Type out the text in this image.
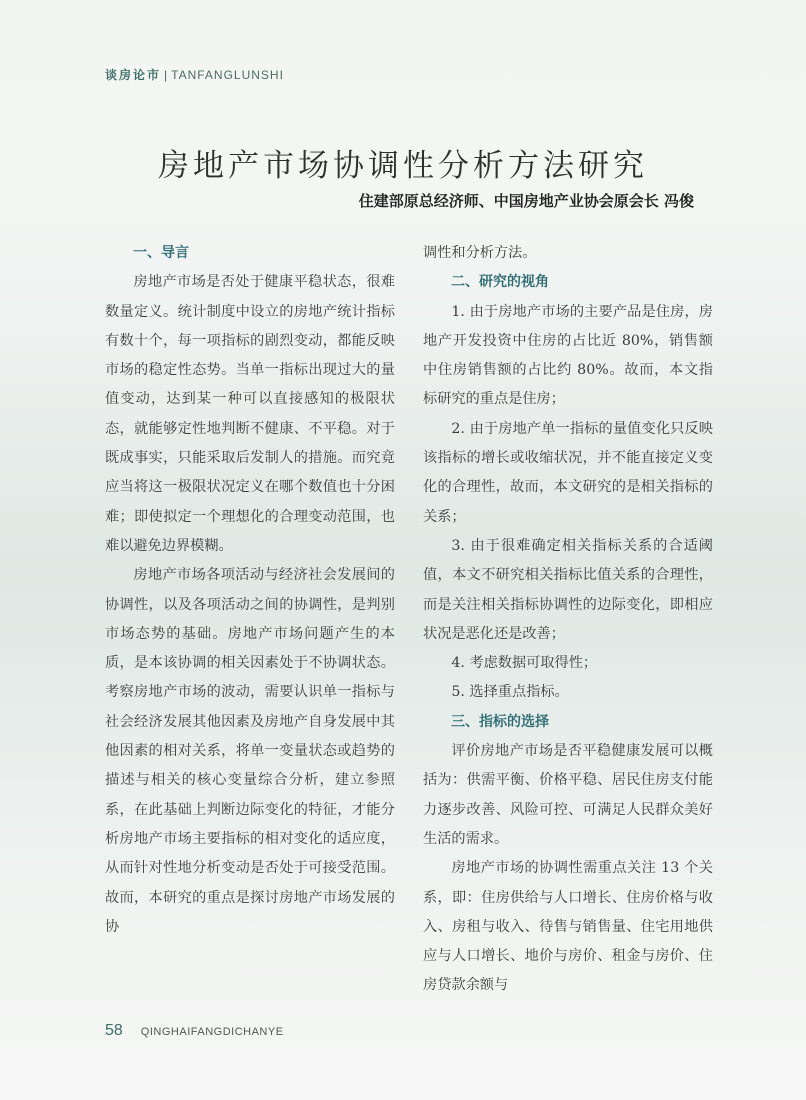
谈房论市 | TANFANGLUNSHI
房地产市场协调性分析方法研究
住建部原总经济师、中国房地产业协会原会长 冯俊
一、导言

房地产市场是否处于健康平稳状态，很难数量定义。统计制度中设立的房地产统计指标有数十个，每一项指标的剧烈变动，都能反映市场的稳定性态势。当单一指标出现过大的量值变动，达到某一种可以直接感知的极限状态，就能够定性地判断不健康、不平稳。对于既成事实，只能采取后发制人的措施。而究竟应当将这一极限状况定义在哪个数值也十分困难；即使拟定一个理想化的合理变动范围，也难以避免边界模糊。

房地产市场各项活动与经济社会发展间的协调性，以及各项活动之间的协调性，是判别市场态势的基础。房地产市场问题产生的本质，是本该协调的相关因素处于不协调状态。考察房地产市场的波动，需要认识单一指标与社会经济发展其他因素及房地产自身发展中其他因素的相对关系，将单一变量状态或趋势的描述与相关的核心变量综合分析，建立参照系，在此基础上判断边际变化的特征，才能分析房地产市场主要指标的相对变化的适应度，从而针对性地分析变动是否处于可接受范围。故而，本研究的重点是探讨房地产市场发展的协

调性和分析方法。

二、研究的视角

1. 由于房地产市场的主要产品是住房，房地产开发投资中住房的占比近 80%，销售额中住房销售额的占比约 80%。故而，本文指标研究的重点是住房；

2. 由于房地产单一指标的量值变化只反映该指标的增长或收缩状况，并不能直接定义变化的合理性，故而，本文研究的是相关指标的关系；

3. 由于很难确定相关指标关系的合适阈值，本文不研究相关指标比值关系的合理性，而是关注相关指标协调性的边际变化，即相应状况是恶化还是改善；

4. 考虑数据可取得性；

5. 选择重点指标。

三、指标的选择

评价房地产市场是否平稳健康发展可以概括为：供需平衡、价格平稳、居民住房支付能力逐步改善、风险可控、可满足人民群众美好生活的需求。

房地产市场的协调性需重点关注 13 个关系，即：住房供给与人口增长、住房价格与收入、房租与收入、待售与销售量、住宅用地供应与人口增长、地价与房价、租金与房价、住房贷款余额与

58 QINGHAIFANGDICHANYE
